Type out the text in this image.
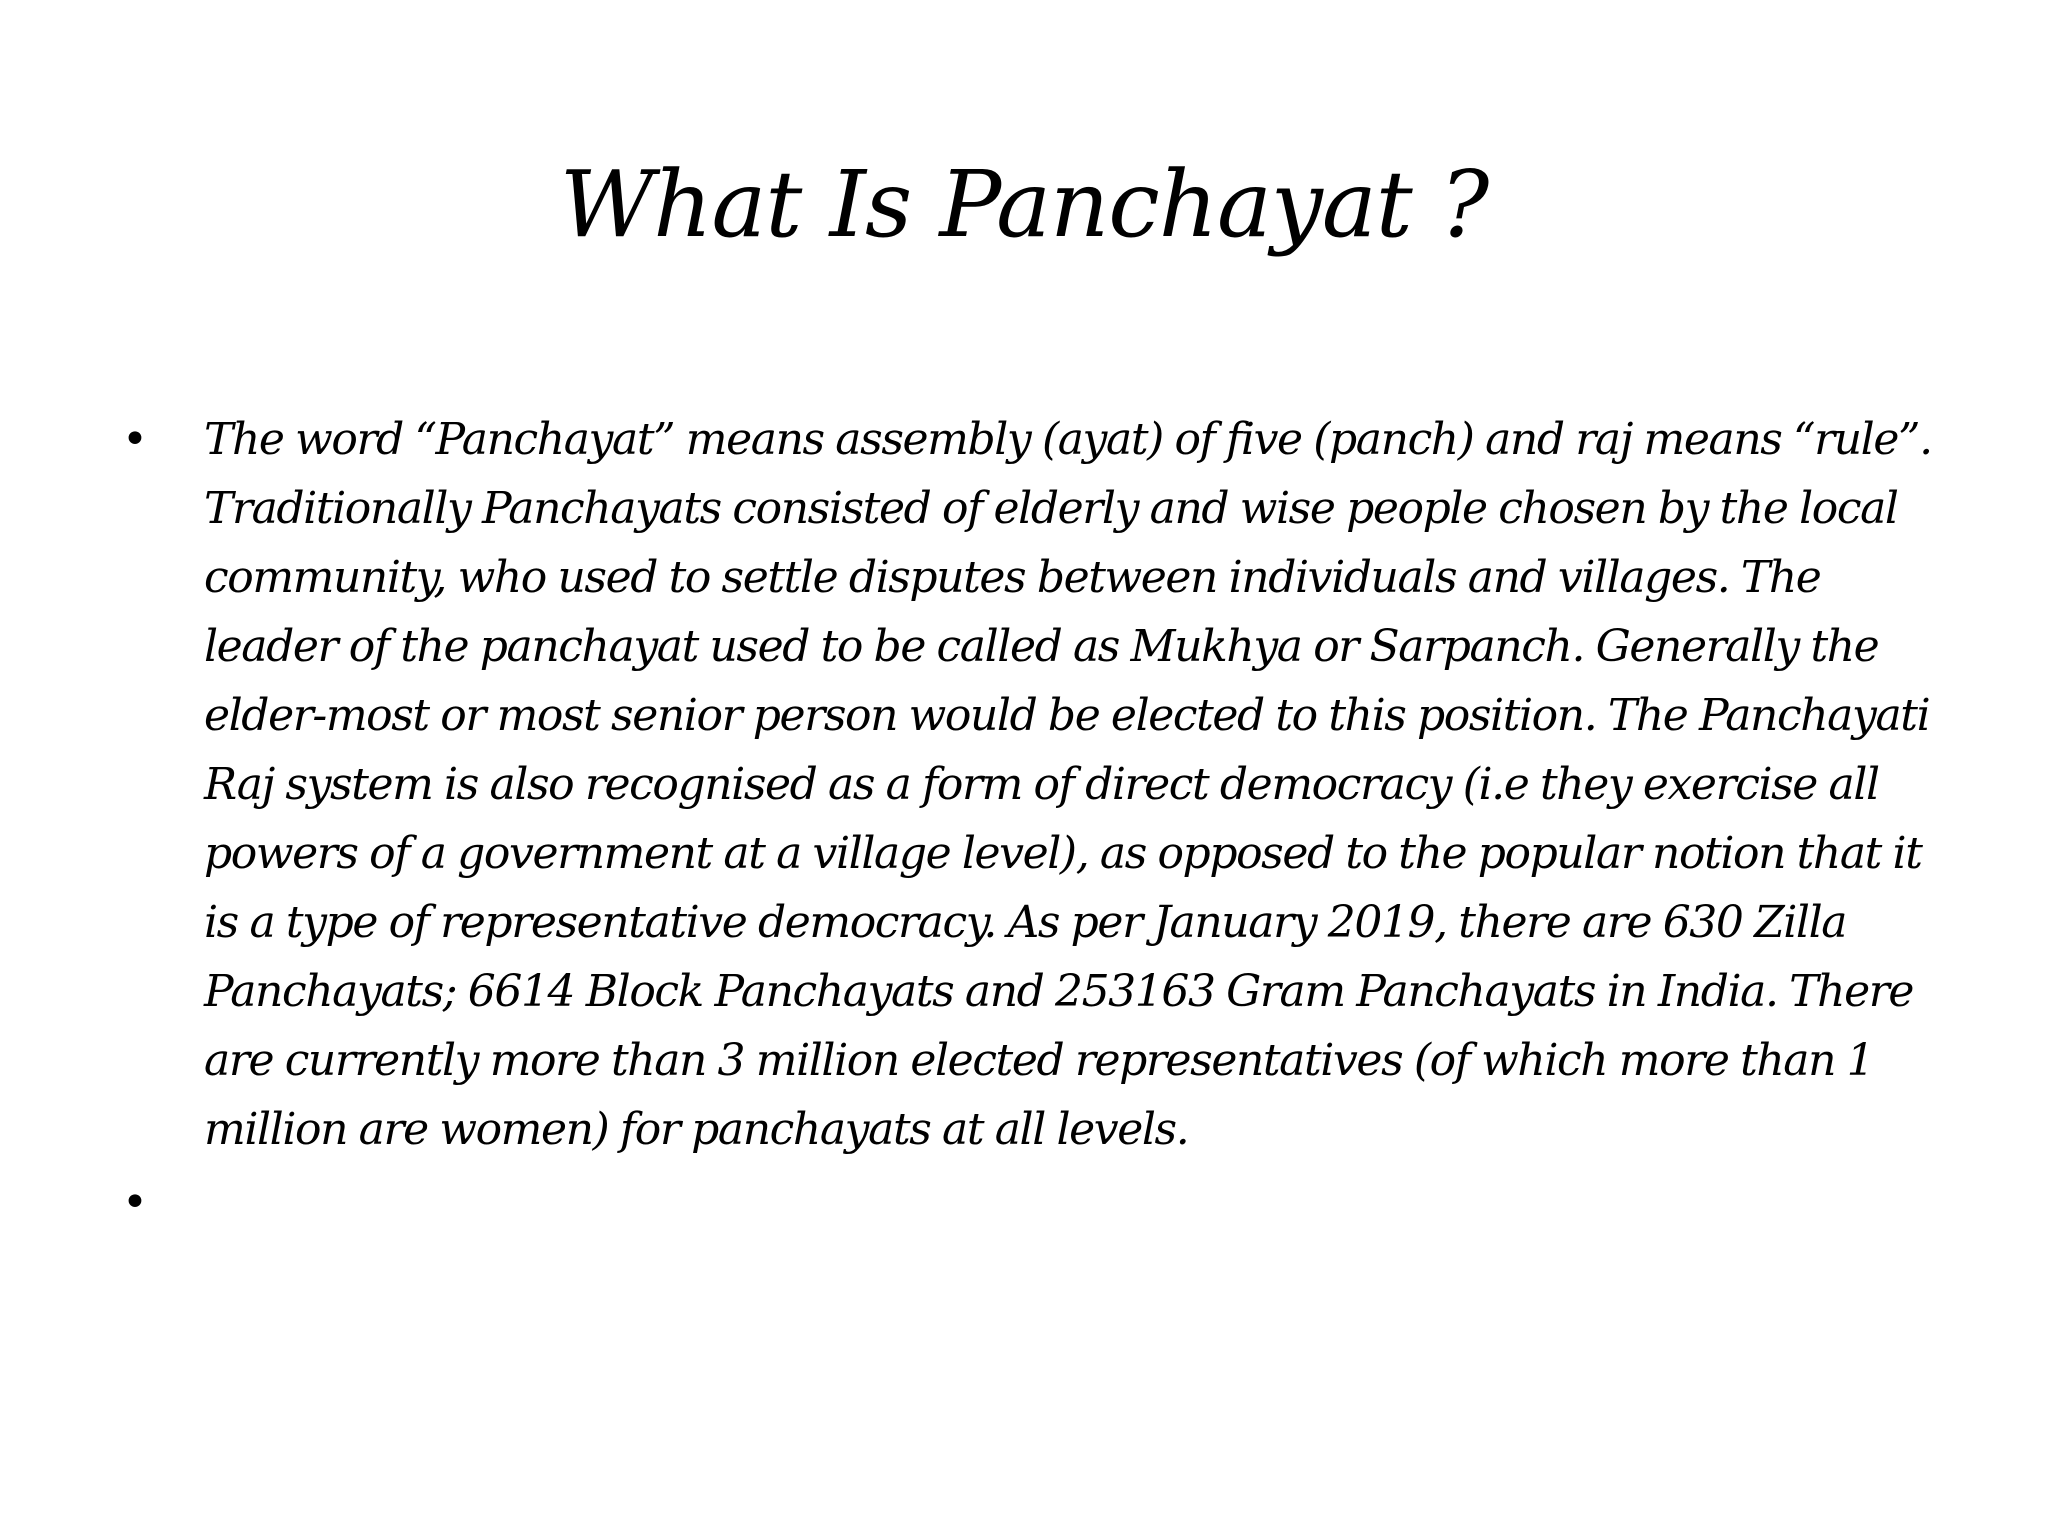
What Is Panchayat ?
• The word “Panchayat” means assembly (ayat) of five (panch) and raj means “rule”. Traditionally Panchayats consisted of elderly and wise people chosen by the local community, who used to settle disputes between individuals and villages. The leader of the panchayat used to be called as Mukhya or Sarpanch. Generally the elder-most or most senior person would be elected to this position. The Panchayati Raj system is also recognised as a form of direct democracy (i.e they exercise all powers of a government at a village level), as opposed to the popular notion that it is a type of representative democracy. As per January 2019, there are 630 Zilla Panchayats; 6614 Block Panchayats and 253163 Gram Panchayats in India. There are currently more than 3 million elected representatives (of which more than 1 million are women) for panchayats at all levels.
•
